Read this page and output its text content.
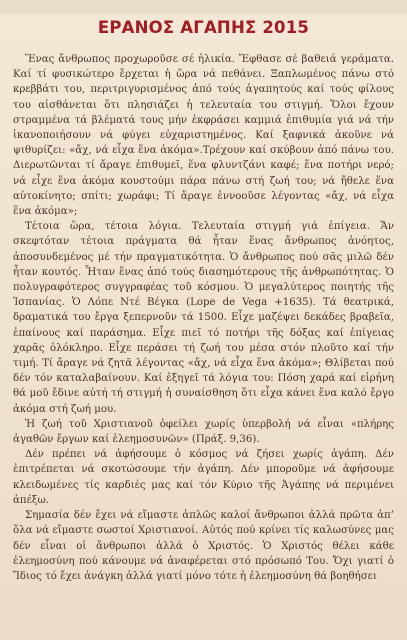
ΕΡΑΝΟΣ ΑΓΑΠΗΣ 2015

Ἕνας ἄνθρωπος προχωροῦσε σέ ἡλικία. Ἔφθασε σέ βαθειά γεράματα. Καί τί φυσικώτερο ἔρχεται ἡ ὥρα νά πεθάνει. Ξαπλωμένος πάνω στό κρεββάτι του, περιτριγυρισμένος ἀπό τούς ἀγαπητούς καί τούς φίλους του αἰσθάνεται ὅτι πλησιάζει ἡ τελευταία του στιγμή. Ὅλοι ἔχουν στραμμένα τά βλέματά τους μήν ἐκφράσει καμμιά ἐπιθυμία γιά νά τήν ἱκανοποιήσουν νά φύγει εὐχαριστημένος. Καί ξαφνικά ἀκοῦνε νά ψιθυρίζει: «ἄχ, νά εἶχα ἕνα ἀκόμα».Τρέχουν καί σκύβουν ἀπό πάνω του. Διερωτῶνται τί ἄραγε ἐπιθυμεῖ, ἕνα φλυντζάνι καφέ; ἕνα ποτήρι νερό; νά εἶχε ἕνα ἀκόμα κουστούμι πάρα πάνω στή ζωή του; νά ἤθελε ἕνα αὐτοκίνητο; σπίτι; χωράφι; Τί ἄραγε ἐννοοῦσε λέγοντας «ἄχ, νά εἶχα ἕνα ἀκόμα»;

Τέτοια ὥρα, τέτοια λόγια. Τελευταία στιγμή γιά ἐπίγεια. Ἄν σκεφτόταν τέτοια πράγματα θά ἦταν ἕνας ἄνθρωπος ἀνόητος, ἀποσυνδεμένος μέ τήν πραγματικότητα. Ὁ ἄνθρωπος πού σᾶς μιλῶ δέν ἦταν κουτός. Ἦταν ἕνας ἀπό τούς διασημότερους τῆς ἀνθρωπότητας. Ὁ πολυγραφότερος συγγραφέας τοῦ κόσμου. Ὁ μεγαλύτερος ποιητής τῆς Ἰσπανίας. Ὁ Λόπε Nτέ Βέγκα (Lope de Vega +1635). Τά θεατρικά, δραματικά του ἔργα ξεπερνοῦν τά 1500. Εἶχε μαζέψει δεκάδες βραβεῖα, ἐπαίνους καί παράσημα. Εἶχε πιεῖ τό ποτήρι τῆς δόξας καί ἐπίγειας χαρᾶς ὁλόκληρο. Εἶχε περάσει τή ζωή του μέσα στόν πλοῦτο καί τήν τιμή. Τί ἄραγε νά ζητᾶ λέγοντας «ἄχ, νά εἶχα ἕνα ἀκόμα»; Θλίβεται πού δέν τόν καταλαβαίνουν. Καί ἐξηγεῖ τά λόγια του: Πόση χαρά καί εἰρήνη θά μοῦ ἔδινε αὐτή τή στιγμή ἡ συναίσθηση ὅτι εἶχα κάνει ἕνα καλό ἔργο ἀκόμα στή ζωή μου.

Ἡ ζωή τοῦ Χριστιανοῦ ὀφείλει χωρίς ὑπερβολή νά εἶναι «πλήρης ἀγαθῶν ἔργων καί ἐλεημοσυνῶν» (Πράξ. 9,36).

Δέν πρέπει νά ἀφήσουμε ὁ κόσμος νά ζήσει χωρίς ἀγάπη. Δέν ἐπιτρέπεται νά σκοτώσουμε τήν ἀγάπη. Δέν μποροῦμε νά ἀφήσουμε κλειδωμένες τίς καρδιές μας καί τόν Κύριο τῆς Ἀγάπης νά περιμένει ἀπέξω.

Σημασία δέν ἔχει νά εἴμαστε ἁπλῶς καλοί ἄνθρωποι ἀλλά πρῶτα ἀπ’ ὅλα νά εἴμαστε σωστοί Χριστιανοί. Αὐτός πού κρίνει τίς καλωσύνες μας δέν εἶναι οἱ ἄνθρωποι ἀλλά ὁ Χριστός. Ὁ Χριστός θέλει κάθε ἐλεημοσύνη πού κάνουμε νά ἀναφέρεται στό πρόσωπό Του. Ὄχι γιατί ὁ Ἴδιος τό ἔχει ἀνάγκη ἀλλά γιατί μόνο τότε ἡ ἐλεημοσύνη θά βοηθήσει
